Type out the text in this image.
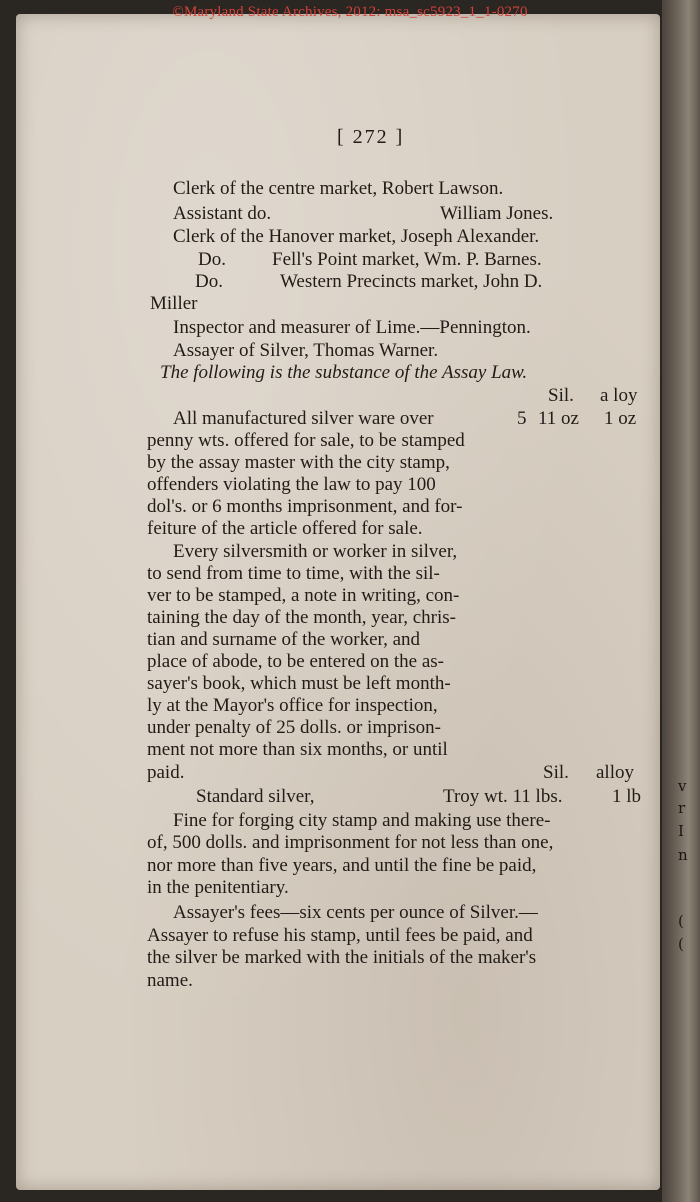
©Maryland State Archives, 2012: msa_sc5923_1_1-0270
[ 272 ]
Clerk of the centre market, Robert Lawson.
Assistant do.	William Jones.
Clerk of the Hanover market, Joseph Alexander.
Do. Fell's Point market, Wm. P. Barnes.
Do.	Western Precincts market, John D.
Miller
Inspector and measurer of Lime.—Pennington.
Assayer of Silver, Thomas Warner.
The following is the substance of the Assay Law.
Sil. a loy
All manufactured silver ware over	5 11 oz 1 oz
penny wts. offered for sale, to be stamped
by the assay master with the city stamp,
offenders violating the law to pay 100
dol's. or 6 months imprisonment, and for-
feiture of the article offered for sale.
Every silversmith or worker in silver,
to send from time to time, with the sil-
ver to be stamped, a note in writing, con-
taining the day of the month, year, chris-
tian and surname of the worker, and
place of abode, to be entered on the as-
sayer's book, which must be left month-
ly at the Mayor's office for inspection,
under penalty of 25 dolls. or imprison-
ment not more than six months, or until
paid.	Sil. alloy
Standard silver,	Troy wt. 11 lbs.	1 lb
Fine for forging city stamp and making use there-
of, 500 dolls. and imprisonment for not less than one,
nor more than five years, and until the fine be paid,
in the penitentiary.
Assayer's fees—six cents per ounce of Silver.—
Assayer to refuse his stamp, until fees be paid, and
the silver be marked with the initials of the maker's
name.
v
r
I
n
(
(
